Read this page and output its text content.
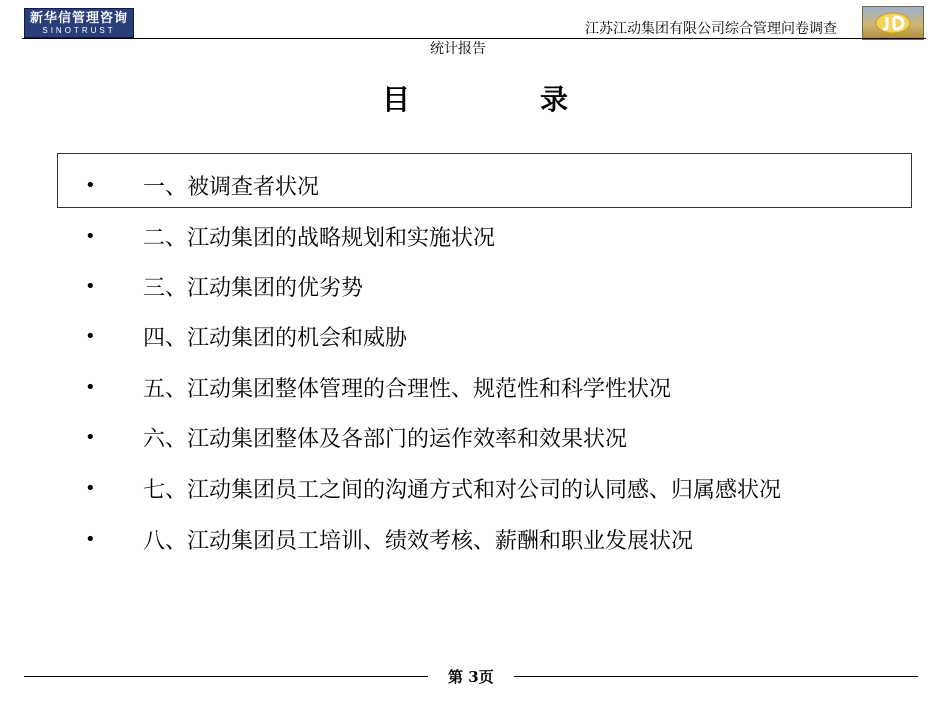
新华信管理咨询
SINOTRUST	江苏江动集团有限公司综合管理问卷调查
统计报告
目	录
•	一、被调查者状况
•	二、江动集团的战略规划和实施状况
•	三、江动集团的优劣势
•	四、江动集团的机会和威胁
•	五、江动集团整体管理的合理性、规范性和科学性状况
•	六、江动集团整体及各部门的运作效率和效果状况
•	七、江动集团员工之间的沟通方式和对公司的认同感、归属感状况
•	八、江动集团员工培训、绩效考核、薪酬和职业发展状况
第 3页
